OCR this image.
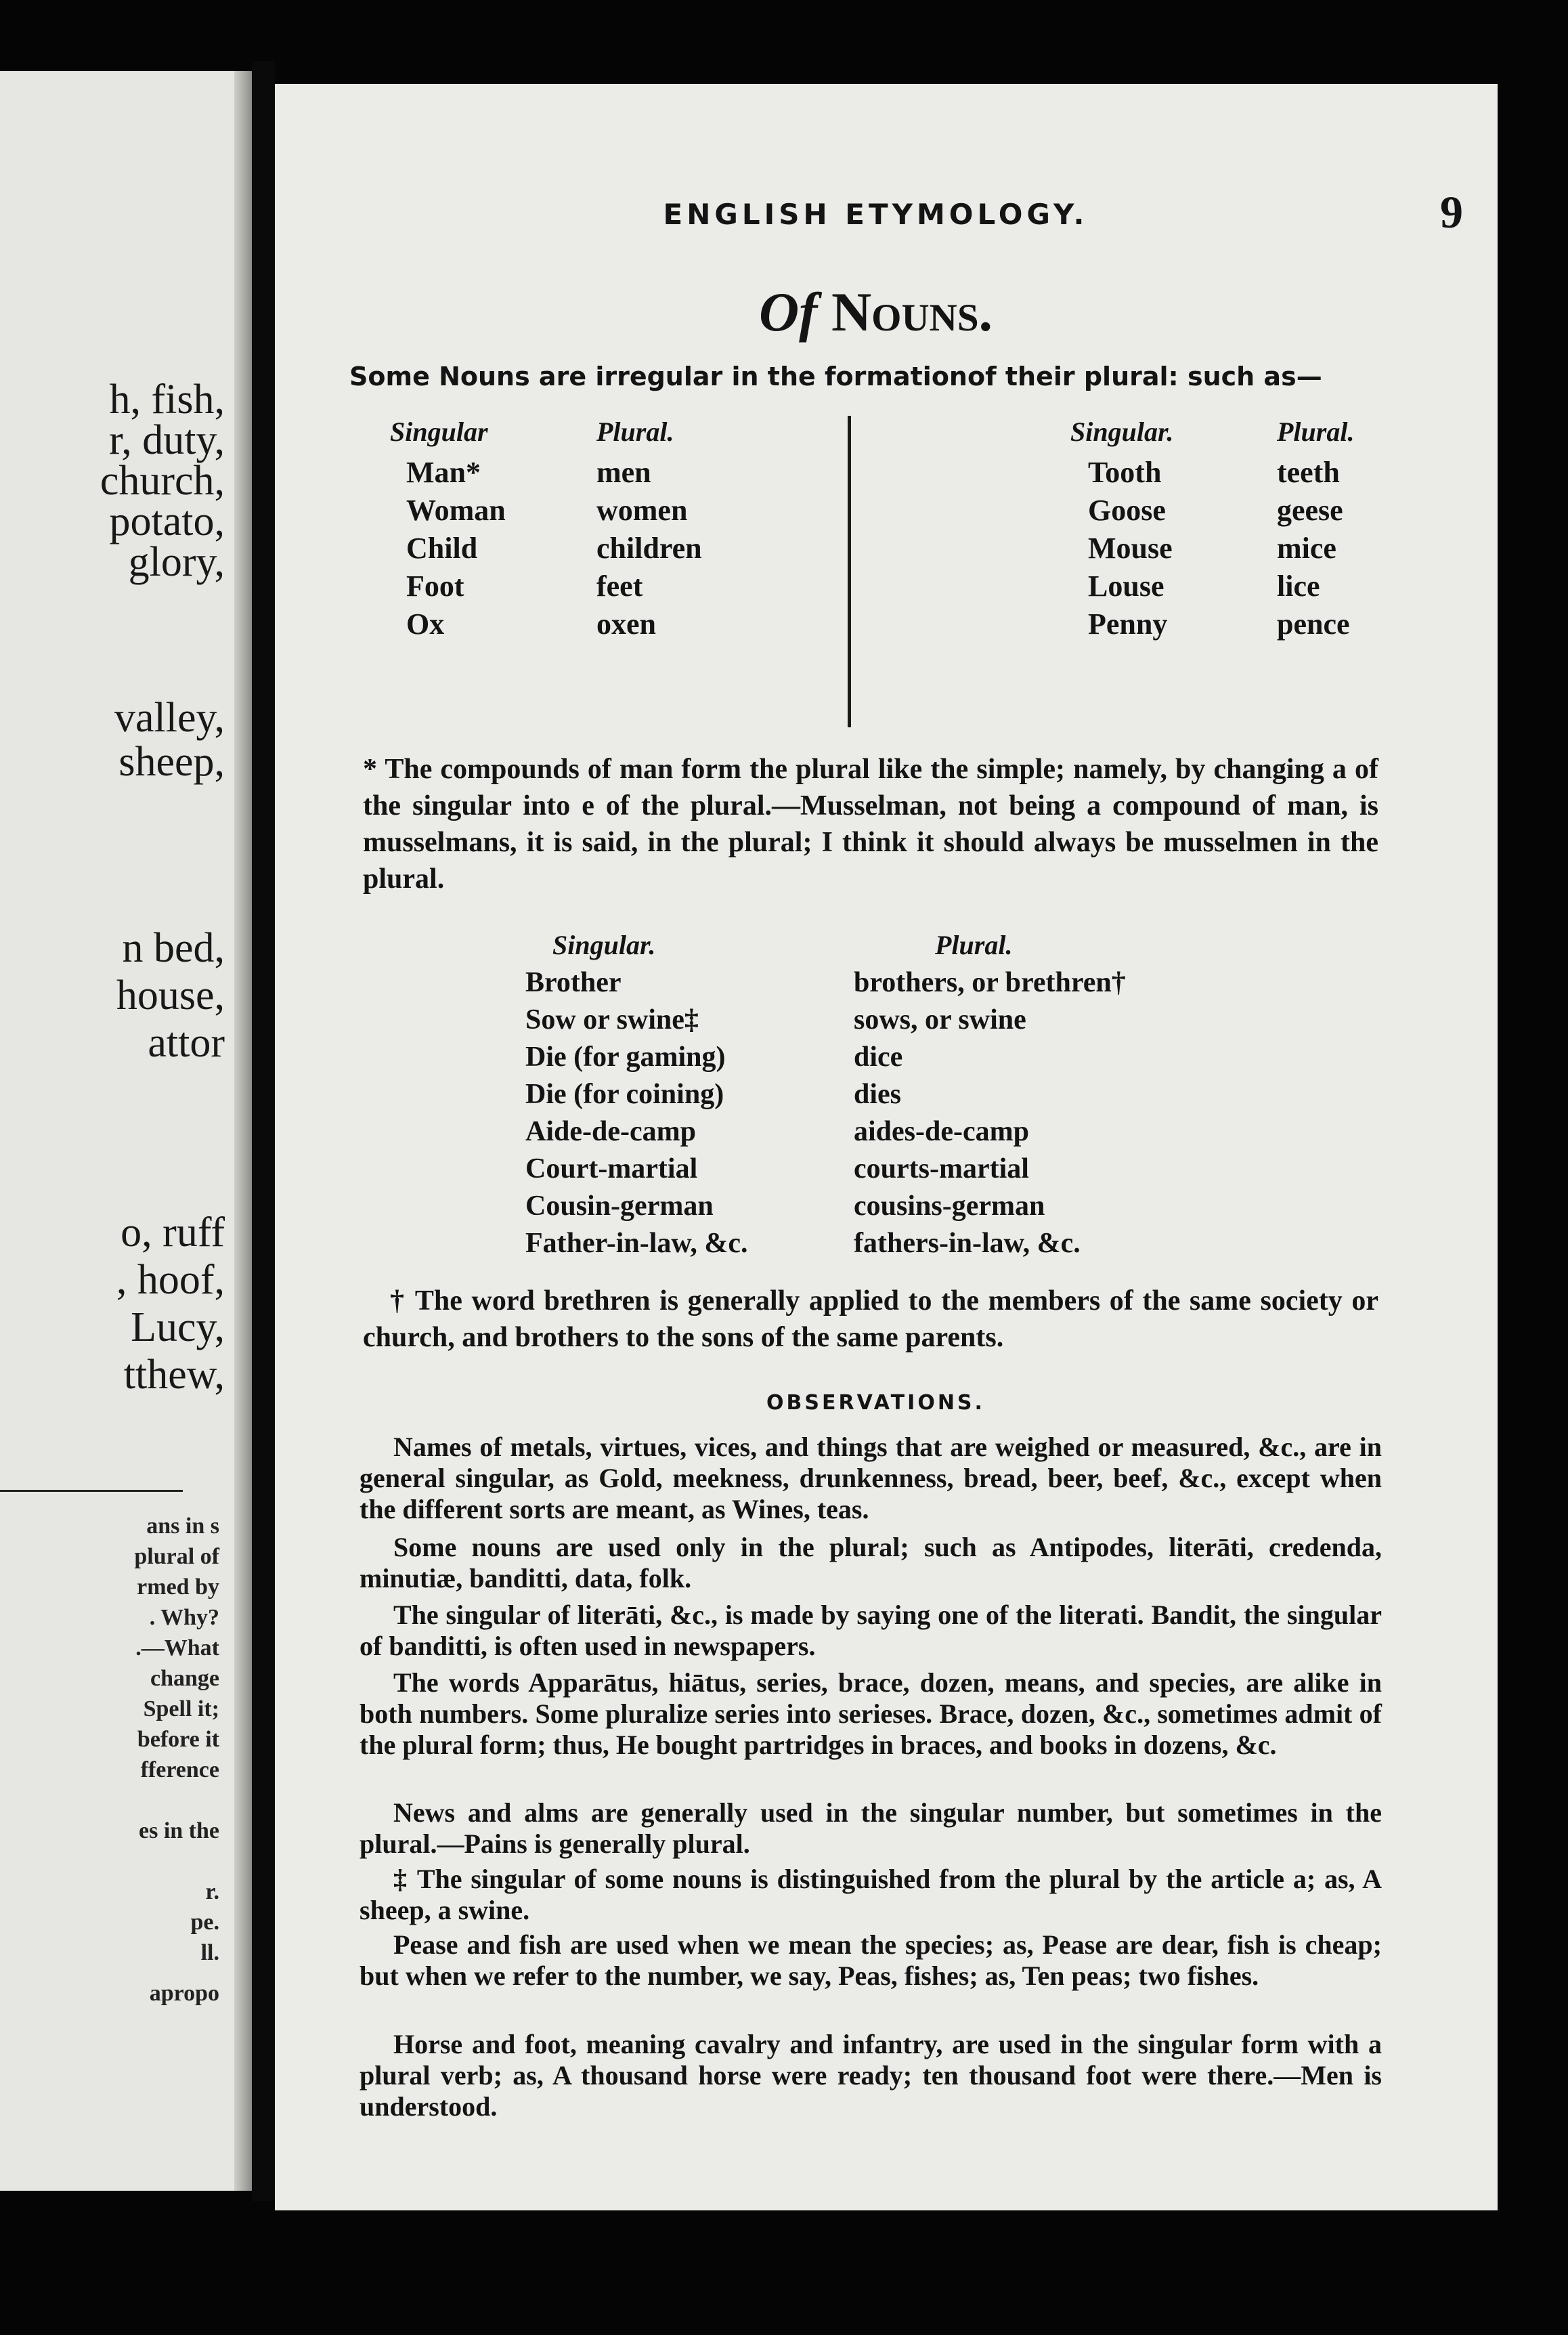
h, fish,
r, duty,
church,
potato,
glory,
valley,
sheep,
n bed,
house,
attor
o, ruff
, hoof,
Lucy,
tthew,
ans in s
plural of
rmed by
. Why?
.—What
change
Spell it;
before it
fference
es in the
r.
pe.
ll.
apropo
ENGLISH ETYMOLOGY.	9
Of Nouns.
Some Nouns are irregular in the formationof their plural: such as—
Singular
Man*
Woman
Child
Foot
Ox
Plural.
men
women
children
feet
oxen
Singular.
Tooth
Goose
Mouse
Louse
Penny
Plural.
teeth
geese
mice
lice
pence
* The compounds of man form the plural like the simple; namely, by changing a of the singular into e of the plural.—Musselman, not being a compound of man, is musselmans, it is said, in the plural; I think it should always be musselmen in the plural.
Singular.
Brother
Sow or swine‡
Die (for gaming)
Die (for coining)
Aide-de-camp
Court-martial
Cousin-german
Father-in-law, &c.
Plural.
brothers, or brethren†
sows, or swine
dice
dies
aides-de-camp
courts-martial
cousins-german
fathers-in-law, &c.
† The word brethren is generally applied to the members of the same society or church, and brothers to the sons of the same parents.
OBSERVATIONS.

Names of metals, virtues, vices, and things that are weighed or measured, &c., are in general singular, as Gold, meekness, drunkenness, bread, beer, beef, &c., except when the different sorts are meant, as Wines, teas.

Some nouns are used only in the plural; such as Antipodes, literāti, credenda, minutiæ, banditti, data, folk.

The singular of literāti, &c., is made by saying one of the literati. Bandit, the singular of banditti, is often used in newspapers.

The words Apparātus, hiātus, series, brace, dozen, means, and species, are alike in both numbers. Some pluralize series into serieses. Brace, dozen, &c., sometimes admit of the plural form; thus, He bought partridges in braces, and books in dozens, &c.

News and alms are generally used in the singular number, but sometimes in the plural.—Pains is generally plural.

‡ The singular of some nouns is distinguished from the plural by the article a; as, A sheep, a swine.

Pease and fish are used when we mean the species; as, Pease are dear, fish is cheap; but when we refer to the number, we say, Peas, fishes; as, Ten peas; two fishes.

Horse and foot, meaning cavalry and infantry, are used in the singular form with a plural verb; as, A thousand horse were ready; ten thousand foot were there.—Men is understood.
